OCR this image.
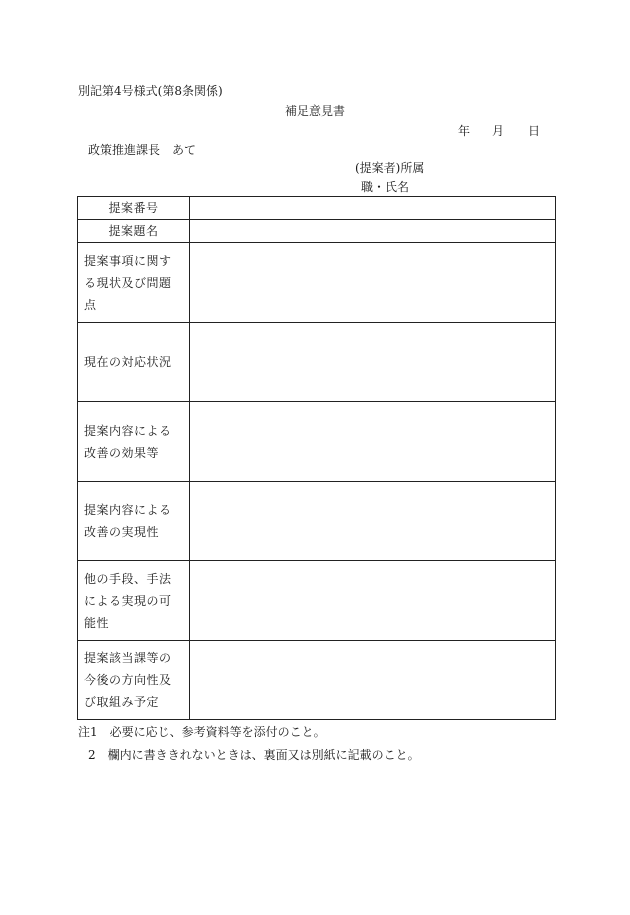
別記第4号様式(第8条関係)
補足意見書
年 月 日
政策推進課長　あて
(提案者)所属
職・氏名
提案番号	
提案題名	
提案事項に関する現状及び問題点	
現在の対応状況	
提案内容による改善の効果等	
提案内容による改善の実現性	
他の手段、手法による実現の可能性	
提案該当課等の今後の方向性及び取組み予定	
注1　必要に応じ、参考資料等を添付のこと。
2　欄内に書ききれないときは、裏面又は別紙に記載のこと。
